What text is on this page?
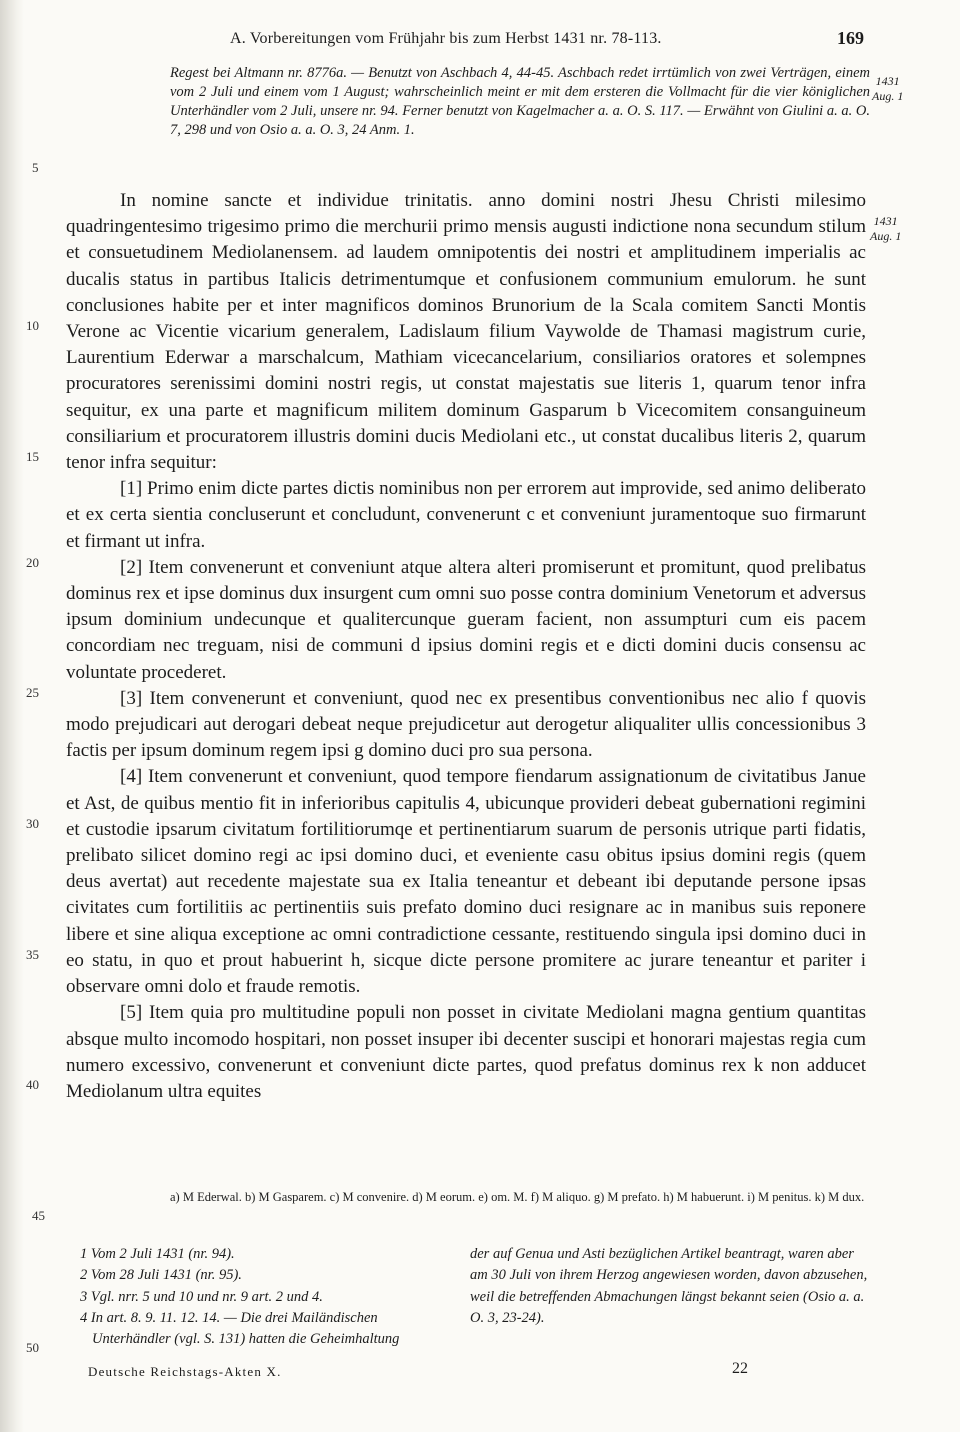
A. Vorbereitungen vom Frühjahr bis zum Herbst 1431 nr. 78-113.	169
Regest bei Altmann nr. 8776a. — Benutzt von Aschbach 4, 44-45. Aschbach redet irrtümlich von zwei Verträgen, einem vom 2 Juli und einem vom 1 August; wahrscheinlich meint er mit dem ersteren die Vollmacht für die vier königlichen Unterhändler vom 2 Juli, unsere nr. 94. Ferner benutzt von Kagelmacher a. a. O. S. 117. — Erwähnt von Giulini a. a. O. 7, 298 und von Osio a. a. O. 3, 24 Anm. 1.
1431
Aug. 1
1431
Aug. 1
5
10
15
20
25
30
35
40
45
50

In nomine sancte et individue trinitatis. anno domini nostri Jhesu Christi milesimo quadringentesimo trigesimo primo die merchurii primo mensis augusti indictione nona secundum stilum et consuetudinem Mediolanensem. ad laudem omnipotentis dei nostri et amplitudinem imperialis ac ducalis status in partibus Italicis detrimentumque et confusionem communium emulorum. he sunt conclusiones habite per et inter magnificos dominos Brunorium de la Scala comitem Sancti Montis Verone ac Vicentie vicarium generalem, Ladislaum filium Vaywolde de Thamasi magistrum curie, Laurentium Ederwar a marschalcum, Mathiam vicecancelarium, consiliarios oratores et solempnes procuratores serenissimi domini nostri regis, ut constat majestatis sue literis 1, quarum tenor infra sequitur, ex una parte et magnificum militem dominum Gasparum b Vicecomitem consanguineum consiliarium et procuratorem illustris domini ducis Mediolani etc., ut constat ducalibus literis 2, quarum tenor infra sequitur:

[1] Primo enim dicte partes dictis nominibus non per errorem aut improvide, sed animo deliberato et ex certa sientia concluserunt et concludunt, convenerunt c et conveniunt juramentoque suo firmarunt et firmant ut infra.

[2] Item convenerunt et conveniunt atque altera alteri promiserunt et promitunt, quod prelibatus dominus rex et ipse dominus dux insurgent cum omni suo posse contra dominium Venetorum et adversus ipsum dominium undecunque et qualitercunque gueram facient, non assumpturi cum eis pacem concordiam nec treguam, nisi de communi d ipsius domini regis et e dicti domini ducis consensu ac voluntate procederet.

[3] Item convenerunt et conveniunt, quod nec ex presentibus conventionibus nec alio f quovis modo prejudicari aut derogari debeat neque prejudicetur aut derogetur aliqualiter ullis concessionibus 3 factis per ipsum dominum regem ipsi g domino duci pro sua persona.

[4] Item convenerunt et conveniunt, quod tempore fiendarum assignationum de civitatibus Janue et Ast, de quibus mentio fit in inferioribus capitulis 4, ubicunque provideri debeat gubernationi regimini et custodie ipsarum civitatum fortilitiorumqe et pertinentiarum suarum de personis utrique parti fidatis, prelibato silicet domino regi ac ipsi domino duci, et eveniente casu obitus ipsius domini regis (quem deus avertat) aut recedente majestate sua ex Italia teneantur et debeant ibi deputande persone ipsas civitates cum fortilitiis ac pertinentiis suis prefato domino duci resignare ac in manibus suis reponere libere et sine aliqua exceptione ac omni contradictione cessante, restituendo singula ipsi domino duci in eo statu, in quo et prout habuerint h, sicque dicte persone promitere ac jurare teneantur et pariter i observare omni dolo et fraude remotis.

[5] Item quia pro multitudine populi non posset in civitate Mediolani magna gentium quantitas absque multo incomodo hospitari, non posset insuper ibi decenter suscipi et honorari majestas regia cum numero excessivo, convenerunt et conveniunt dicte partes, quod prefatus dominus rex k non adducet Mediolanum ultra equites

a) M Ederwal. b) M Gasparem. c) M convenire. d) M eorum. e) om. M. f) M aliquo. g) M prefato. h) M habuerunt. i) M penitus. k) M dux.
1 Vom 2 Juli 1431 (nr. 94).
2 Vom 28 Juli 1431 (nr. 95).
3 Vgl. nrr. 5 und 10 und nr. 9 art. 2 und 4.
4 In art. 8. 9. 11. 12. 14. — Die drei Mailändischen Unterhändler (vgl. S. 131) hatten die Geheimhaltung
der auf Genua und Asti bezüglichen Artikel beantragt, waren aber am 30 Juli von ihrem Herzog angewiesen worden, davon abzusehen, weil die betreffenden Abmachungen längst bekannt seien (Osio a. a. O. 3, 23-24).
Deutsche Reichstags-Akten X.	22
